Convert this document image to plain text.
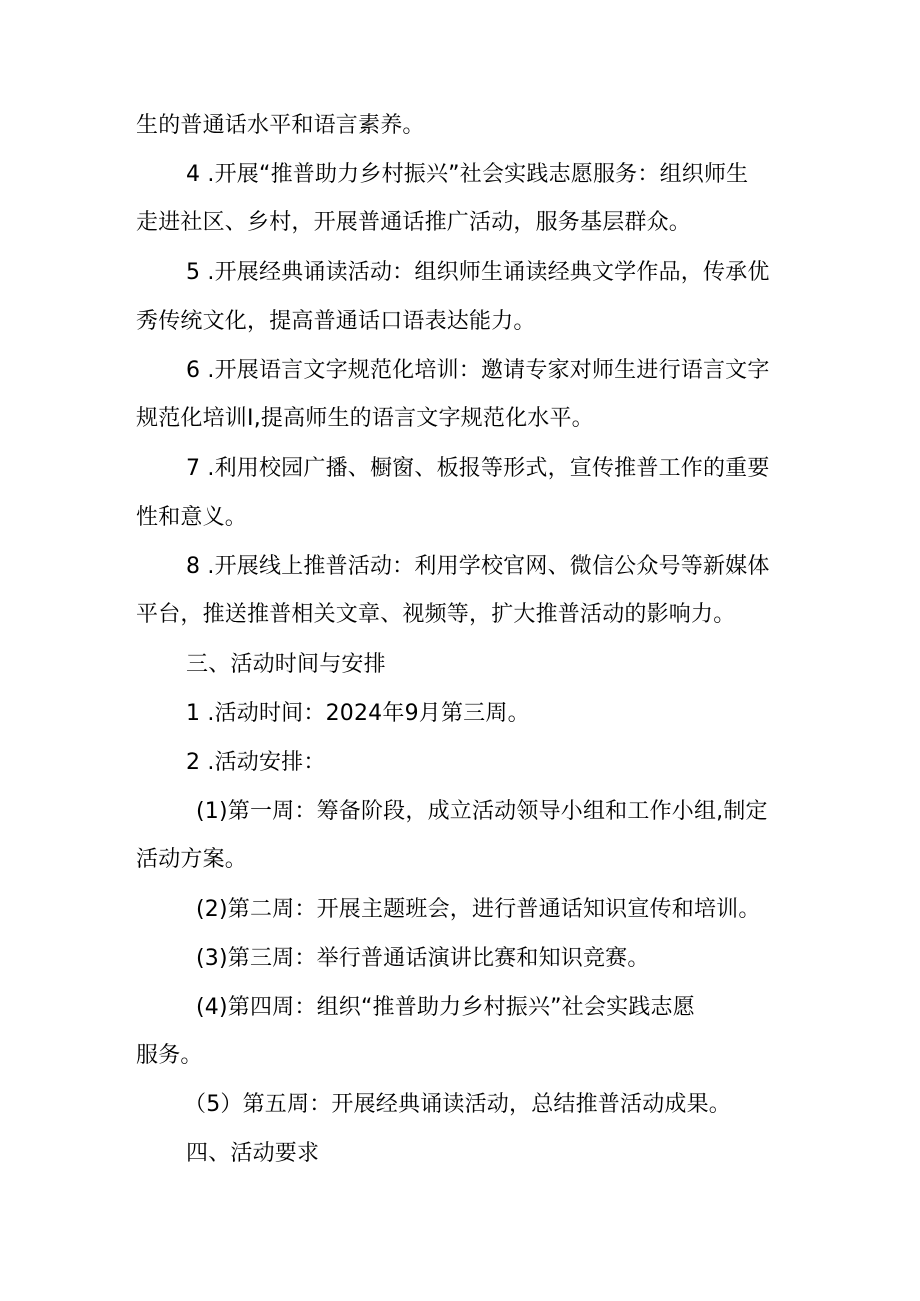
生的普通话水平和语言素养。
4 .开展“推普助力乡村振兴”社会实践志愿服务：组织师生
走进社区、乡村，开展普通话推广活动，服务基层群众。
5 .开展经典诵读活动：组织师生诵读经典文学作品，传承优
秀传统文化，提高普通话口语表达能力。
6 .开展语言文字规范化培训：邀请专家对师生进行语言文字
规范化培训I,提高师生的语言文字规范化水平。
7 .利用校园广播、橱窗、板报等形式，宣传推普工作的重要
性和意义。
8 .开展线上推普活动：利用学校官网、微信公众号等新媒体
平台，推送推普相关文章、视频等，扩大推普活动的影响力。
三、活动时间与安排
1 .活动时间：2024年9月第三周。
2 .活动安排：
(1)第一周：筹备阶段，成立活动领导小组和工作小组,制定
活动方案。
(2)第二周：开展主题班会，进行普通话知识宣传和培训。
(3)第三周：举行普通话演讲比赛和知识竞赛。
(4)第四周：组织“推普助力乡村振兴”社会实践志愿
服务。
（5）第五周：开展经典诵读活动，总结推普活动成果。
四、活动要求
